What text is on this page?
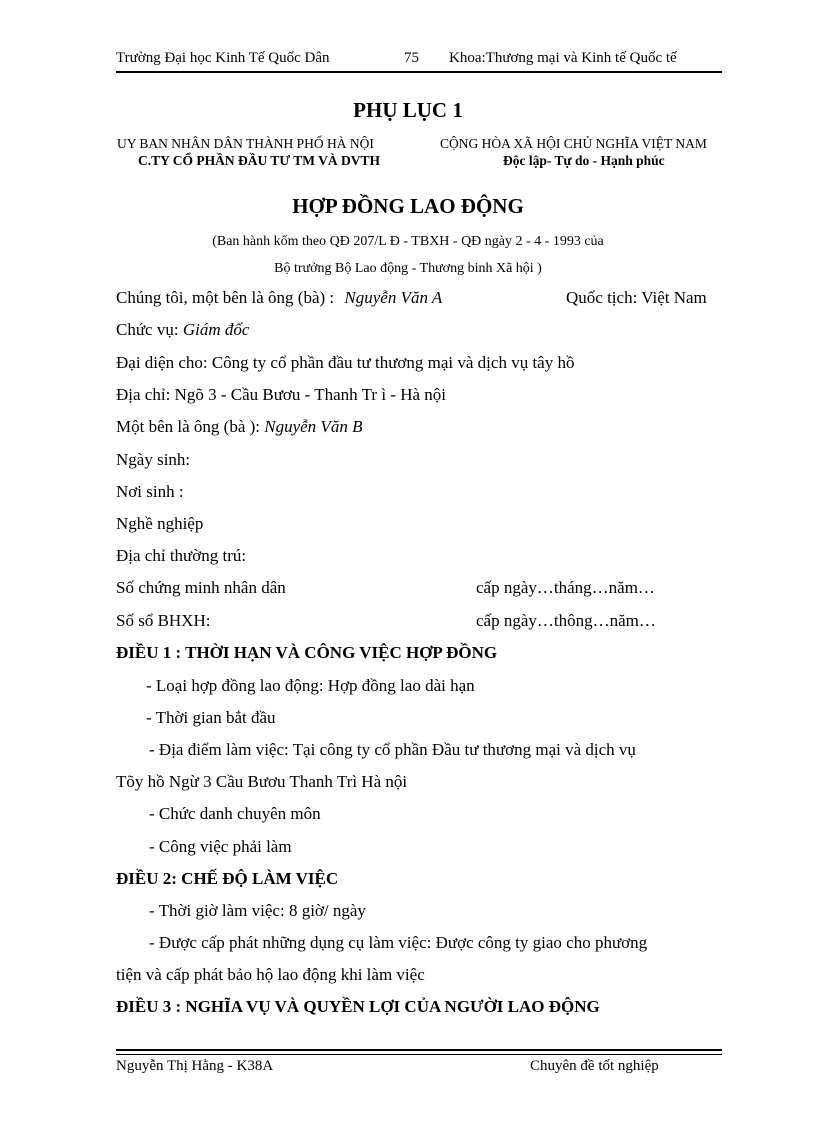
Trường Đại học Kinh Tế Quốc Dân	75 Khoa:Thương mại và Kinh tế Quốc tế
PHỤ LỤC 1
UY BAN NHÂN DÂN THÀNH PHỐ HÀ NỘI
C.TY CỔ PHẦN ĐẦU TƯ TM VÀ DVTH
CỘNG HÒA XÃ HỘI CHỦ NGHĨA VIỆT NAM
Độc lập- Tự do - Hạnh phúc
HỢP ĐỒNG LAO ĐỘNG
(Ban hành kốm theo QĐ 207/L Đ - TBXH - QĐ ngày 2 - 4 - 1993 của
Bộ trưởng Bộ Lao động - Thương binh Xã hội )
Chúng tôi, một bên là ông (bà) : Nguyễn Văn A	Quốc tịch: Việt Nam
Chức vụ: Giám đốc
Đại diện cho: Công ty cổ phần đầu tư thương mại và dịch vụ tây hồ
Địa chỉ: Ngõ 3 - Cầu Bươu - Thanh Tr ì - Hà nội
Một bên là ông (bà ): Nguyễn Văn B
Ngày sinh:
Nơi sinh :
Nghề nghiệp
Địa chỉ thường trú:
Số chứng minh nhân dân	cấp ngày…tháng…năm…
Số sổ BHXH:	cấp ngày…thông…năm…
ĐIỀU 1 : THỜI HẠN VÀ CÔNG VIỆC HỢP ĐỒNG
- Loại hợp đồng lao động: Hợp đồng lao dài hạn
- Thời gian bắt đầu
- Địa điểm làm việc: Tại công ty cổ phần Đầu tư thương mại và dịch vụ
Tõy hồ Ngừ 3 Cầu Bươu Thanh Trì Hà nội
- Chức danh chuyên môn
- Công việc phải làm
ĐIỀU 2: CHẾ ĐỘ LÀM VIỆC
- Thời giờ làm việc: 8 giờ/ ngày
- Được cấp phát những dụng cụ làm việc: Được công ty giao cho phương
tiện và cấp phát bảo hộ lao động khi làm việc
ĐIỀU 3 : NGHĨA VỤ VÀ QUYỀN LỢI CỦA NGƯỜI LAO ĐỘNG
Nguyễn Thị Hằng - K38A	Chuyên đề tốt nghiệp
